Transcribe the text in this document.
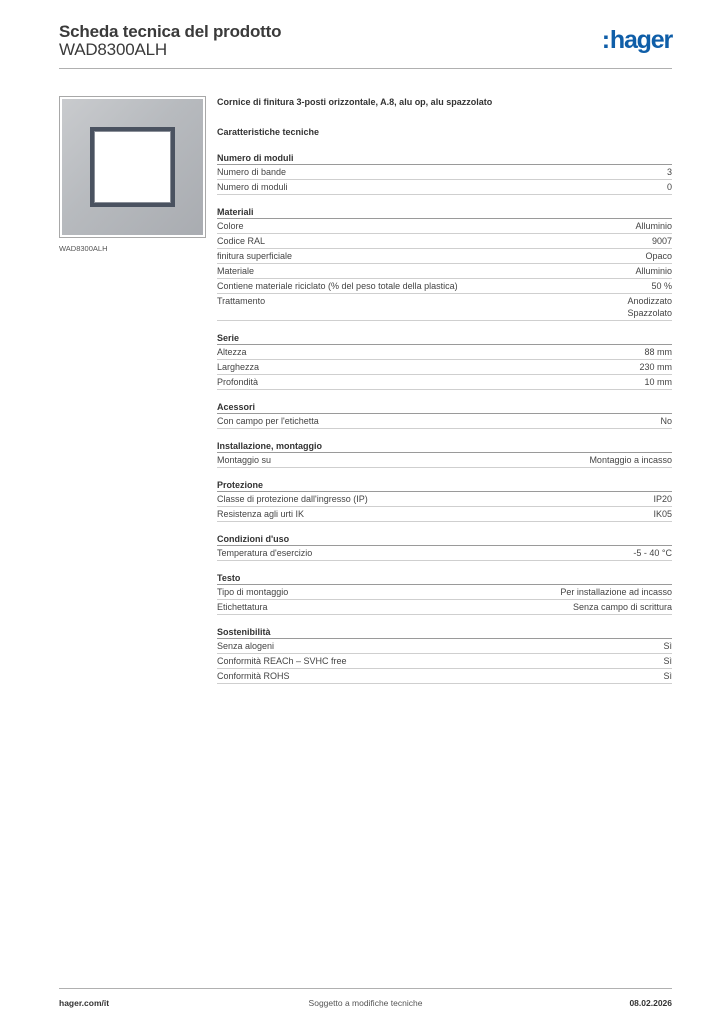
Scheda tecnica del prodotto
WAD8300ALH	:hager
WAD8300ALH
Cornice di finitura 3-posti orizzontale, A.8, alu op, alu spazzolato
Caratteristiche tecniche
Numero di moduli
Numero di bande	3
Numero di moduli	0
Materiali
Colore	Alluminio
Codice RAL	9007
finitura superficiale	Opaco
Materiale	Alluminio
Contiene materiale riciclato (% del peso totale della plastica)	50 %
Trattamento	Anodizzato
Spazzolato
Serie
Altezza	88 mm
Larghezza	230 mm
Profondità	10 mm
Acessori
Con campo per l'etichetta	No
Installazione, montaggio
Montaggio su	Montaggio a incasso
Protezione
Classe di protezione dall'ingresso (IP)	IP20
Resistenza agli urti IK	IK05
Condizioni d'uso
Temperatura d'esercizio	-5 - 40 °C
Testo
Tipo di montaggio	Per installazione ad incasso
Etichettatura	Senza campo di scrittura
Sostenibilità
Senza alogeni	Sì
Conformità REACh – SVHC free	Sì
Conformità ROHS	Sì
hager.com/it	Soggetto a modifiche tecniche	08.02.2026
